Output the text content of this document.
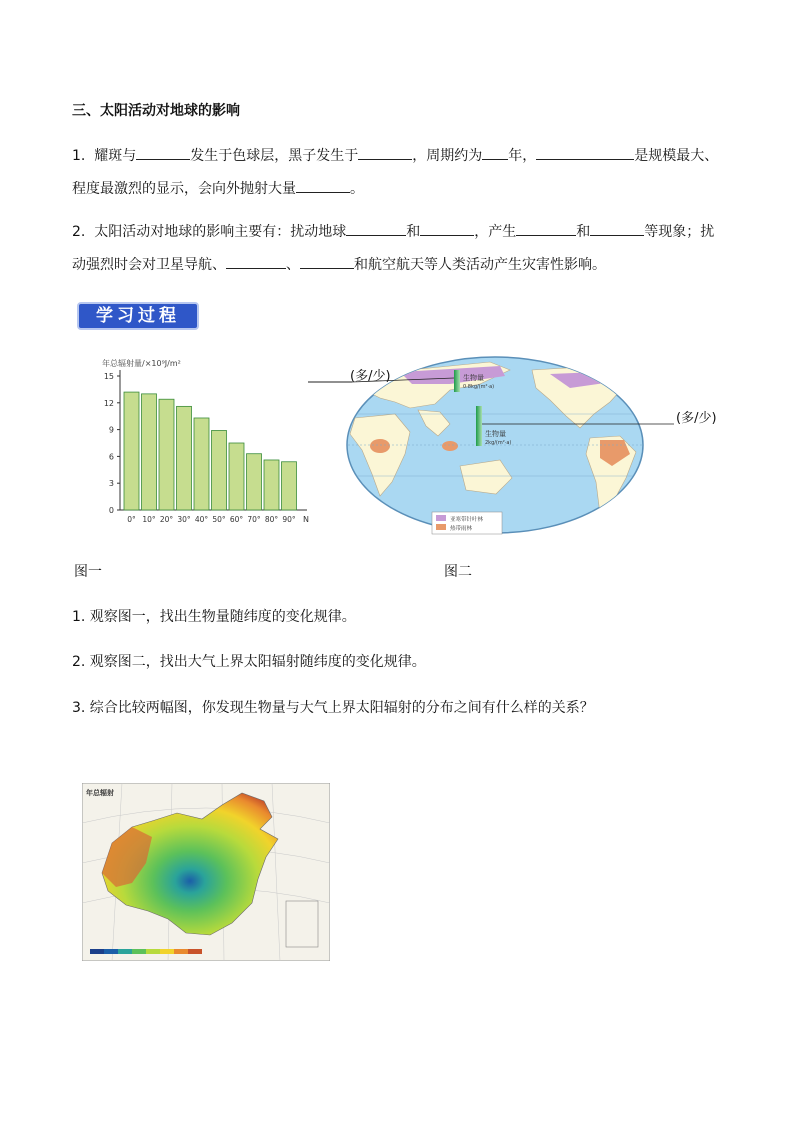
三、太阳活动对地球的影响
1. 耀斑与	发生于色球层，黑子发生于	，周期约为 年，	是规模最大、
程度最激烈的显示，会向外抛射大量	。
2. 太阳活动对地球的影响主要有：扰动地球	和	，产生	和	等现象；扰
动强烈时会对卫星导航、	、	和航空航天等人类活动产生灾害性影响。
学习过程
年总辐射量/×10⁹J/m²
0
3
6
9
12
15
0° 10° 20° 30° 40° 50° 60° 70° 80° 90° N
生物量
0.8kg/(m²·a)
生物量
2kg/(m²·a)
亚寒带针叶林
热带雨林
(多/少)
(多/少)
图一	图二
1. 观察图一，找出生物量随纬度的变化规律。
2. 观察图二，找出大气上界太阳辐射随纬度的变化规律。
3. 综合比较两幅图，你发现生物量与大气上界太阳辐射的分布之间有什么样的关系？
年总辐射
